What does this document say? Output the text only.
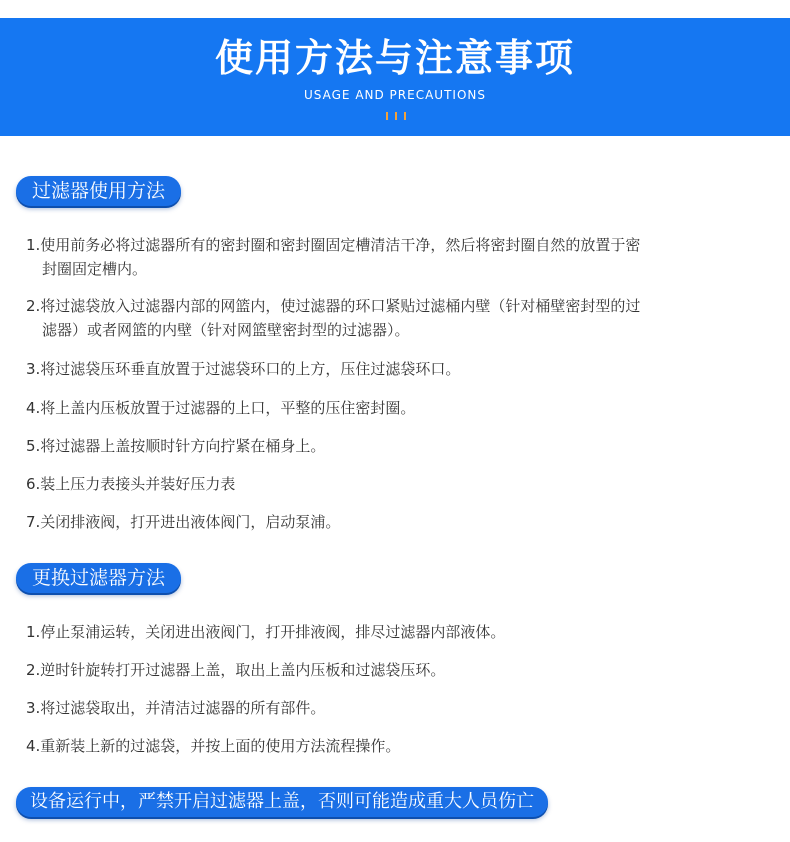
使用方法与注意事项
USAGE AND PRECAUTIONS
过滤器使用方法
1.使用前务必将过滤器所有的密封圈和密封圈固定槽清洁干净，然后将密封圈自然的放置于密
封圈固定槽内。
2.将过滤袋放入过滤器内部的网篮内，使过滤器的环口紧贴过滤桶内壁（针对桶壁密封型的过
滤器）或者网篮的内壁（针对网篮壁密封型的过滤器）。
3.将过滤袋压环垂直放置于过滤袋环口的上方，压住过滤袋环口。
4.将上盖内压板放置于过滤器的上口，平整的压住密封圈。
5.将过滤器上盖按顺时针方向拧紧在桶身上。
6.装上压力表接头并装好压力表
7.关闭排液阀，打开进出液体阀门，启动泵浦。
更换过滤器方法
1.停止泵浦运转，关闭进出液阀门，打开排液阀，排尽过滤器内部液体。
2.逆时针旋转打开过滤器上盖，取出上盖内压板和过滤袋压环。
3.将过滤袋取出，并清洁过滤器的所有部件。
4.重新装上新的过滤袋，并按上面的使用方法流程操作。
设备运行中，严禁开启过滤器上盖，否则可能造成重大人员伤亡
